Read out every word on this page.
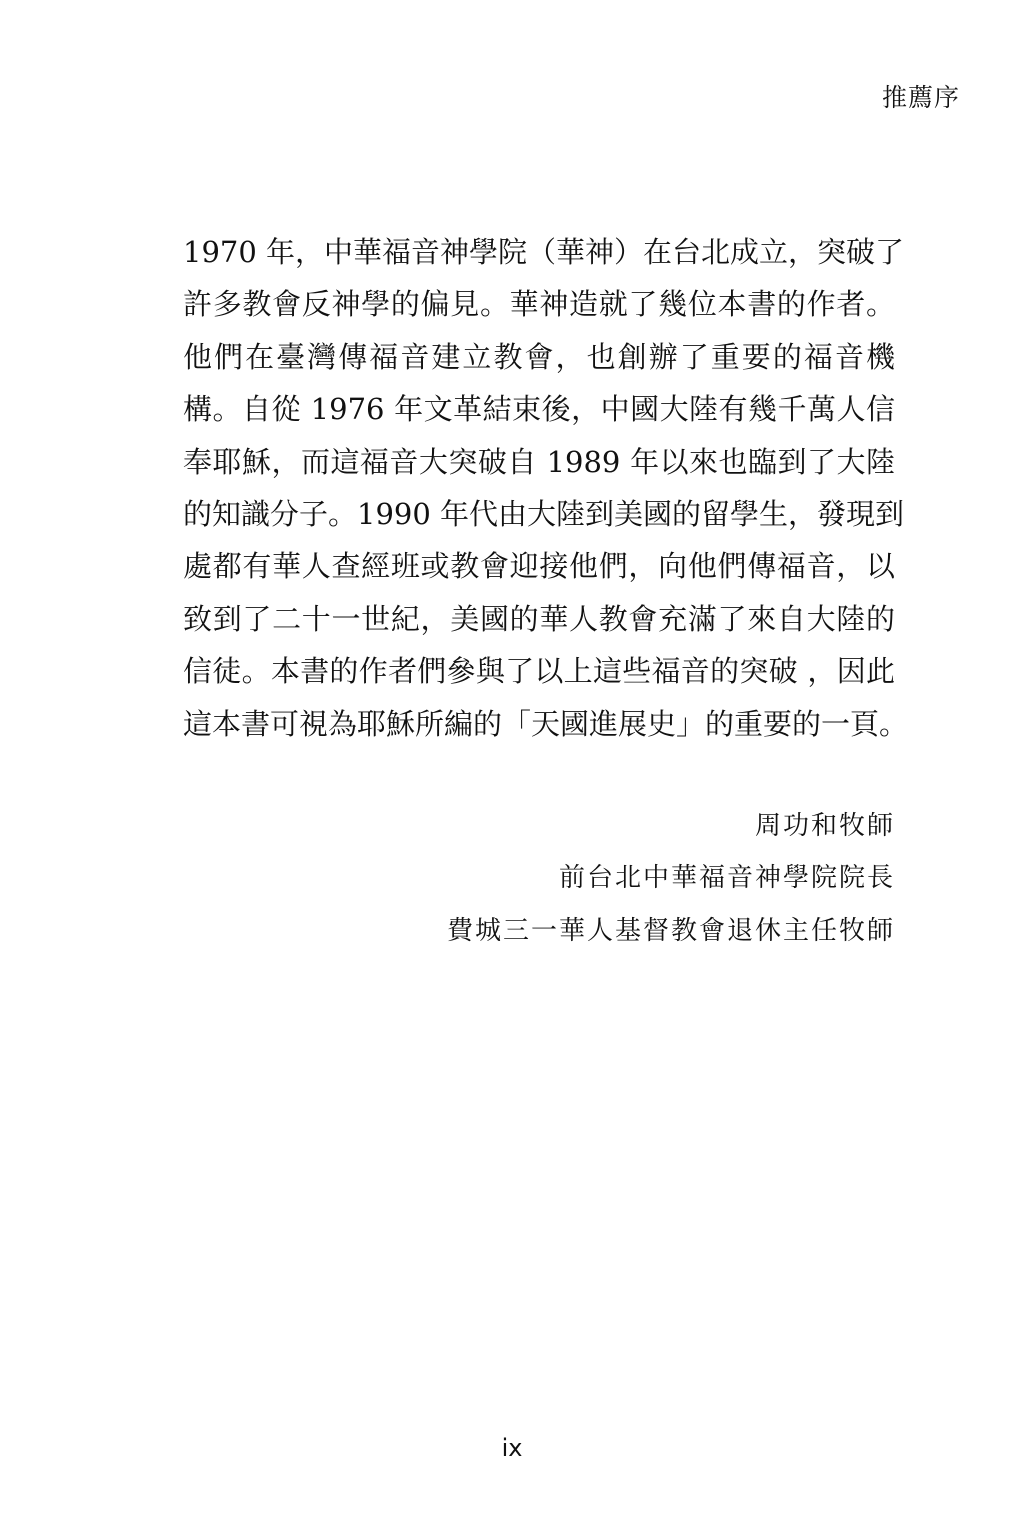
推薦序
1970 年，中華福音神學院（華神）在台北成立，突破了
許多教會反神學的偏見。華神造就了幾位本書的作者。
他們在臺灣傳福音建立教會，也創辦了重要的福音機
構。自從 1976 年文革結束後，中國大陸有幾千萬人信
奉耶穌，而這福音大突破自 1989 年以來也臨到了大陸
的知識分子。1990 年代由大陸到美國的留學生，發現到
處都有華人查經班或教會迎接他們，向他們傳福音，以
致到了二十一世紀，美國的華人教會充滿了來自大陸的
信徒。本書的作者們參與了以上這些福音的突破 ，因此
這本書可視為耶穌所編的「天國進展史」的重要的一頁。
周功和牧師
前台北中華福音神學院院長
費城三一華人基督教會退休主任牧師
ix
